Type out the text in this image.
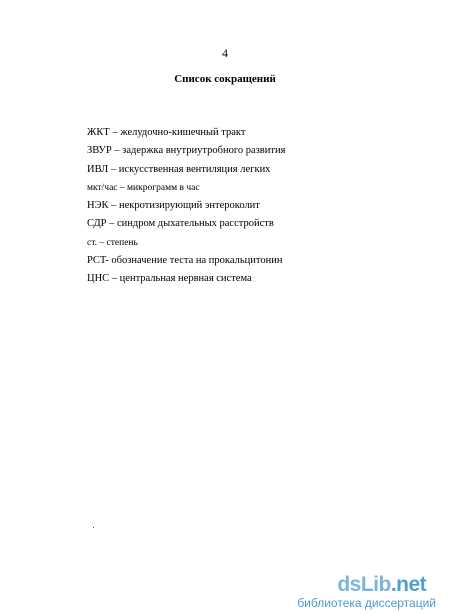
4
Список сокращений
ЖКТ – желудочно-кишечный тракт
ЗВУР – задержка внутриутробного развития
ИВЛ – искусственная вентиляция легких
мкт/час – микрограмм в час
НЭК – некротизирующий энтероколит
СДР – синдром дыхательных расстройств
ст. – степень
PCT- обозначение теста на прокальцитонин
ЦНС – центральная нервная система
dsLib.net
библиотека диссертаций
